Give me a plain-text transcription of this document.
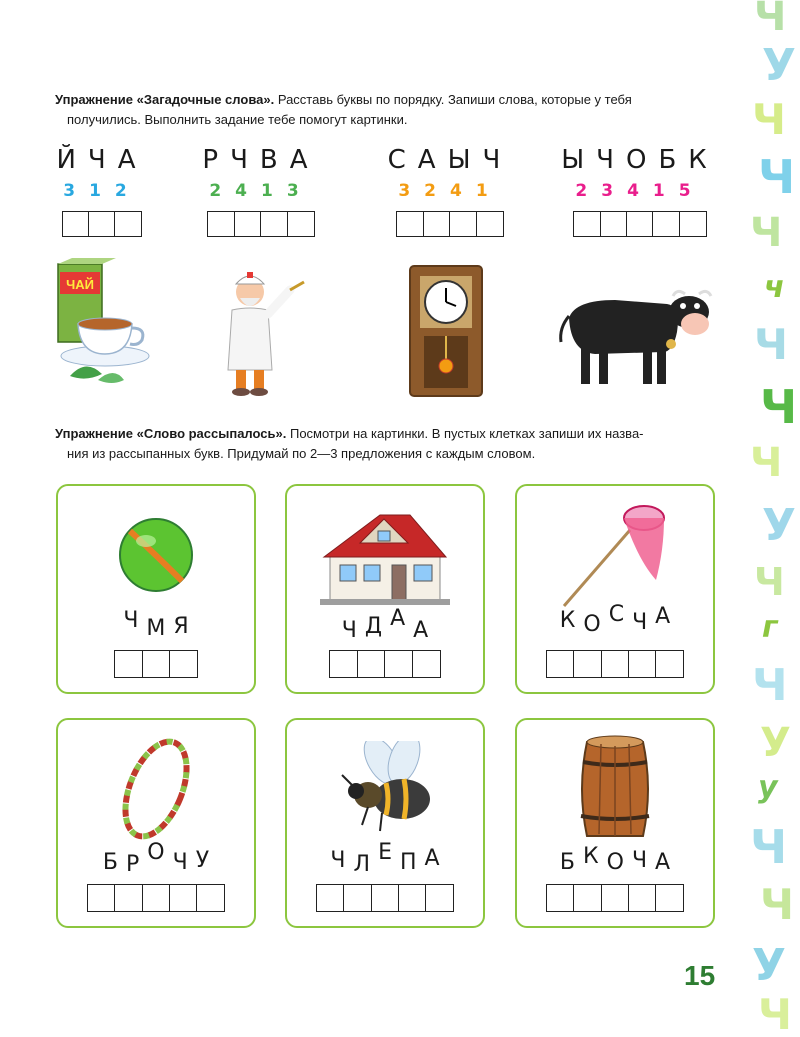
Ч
У
Ч
Ч
Ч
ч
Ч
Ч
Ч
У
Ч
г
Ч
У
у
Ч
Ч
У
Ч
Упражнение «Загадочные слова». Расставь буквы по порядку. Запиши слова, которые у тебя
получились. Выполнить задание тебе помогут картинки.
ЙЧА
312
РЧВА
2413
САЫЧ
3241
ЫЧОБК
23415
ЧАЙ
Упражнение «Слово рассыпалось». Посмотри на картинки. В пустых клетках запиши их назва-
ния из рассыпанных букв. Придумай по 2—3 предложения с каждым словом.
Ч М Я	Ч Д А А	К О С Ч А
Б Р О Ч У	Ч Л Е П А	Б К О Ч А
15
